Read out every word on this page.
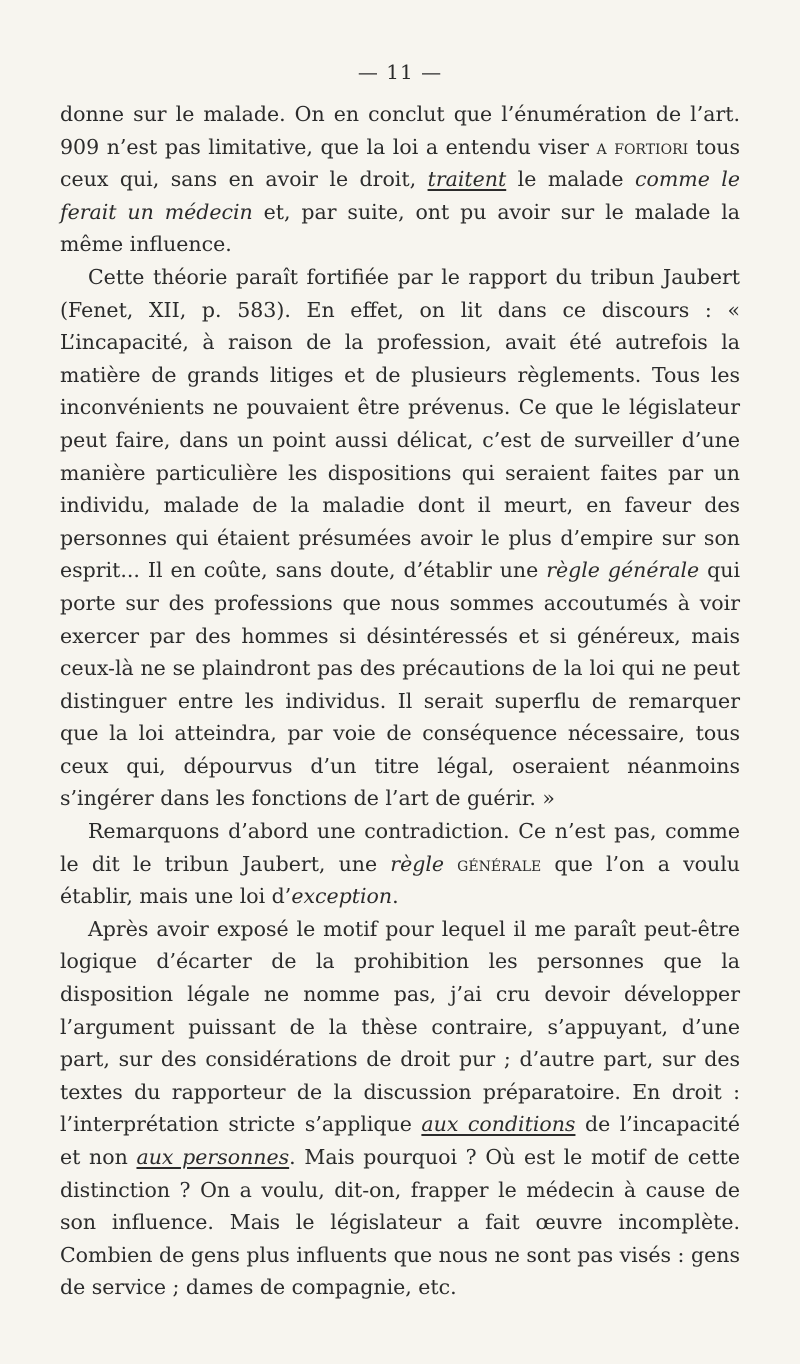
— 11 —

donne sur le malade. On en conclut que l’énumération de l’art. 909 n’est pas limitative, que la loi a entendu viser a fortiori tous ceux qui, sans en avoir le droit, traitent le malade comme le ferait un médecin et, par suite, ont pu avoir sur le malade la même influence.

Cette théorie paraît fortifiée par le rapport du tribun Jaubert (Fenet, XII, p. 583). En effet, on lit dans ce discours : « L’incapacité, à raison de la profession, avait été autrefois la matière de grands litiges et de plusieurs règlements. Tous les inconvénients ne pouvaient être prévenus. Ce que le législateur peut faire, dans un point aussi délicat, c’est de surveiller d’une manière particulière les dispositions qui seraient faites par un individu, malade de la maladie dont il meurt, en faveur des personnes qui étaient présumées avoir le plus d’empire sur son esprit... Il en coûte, sans doute, d’établir une règle générale qui porte sur des professions que nous sommes accoutumés à voir exercer par des hommes si désintéressés et si généreux, mais ceux-là ne se plaindront pas des précautions de la loi qui ne peut distinguer entre les individus. Il serait superflu de remarquer que la loi atteindra, par voie de conséquence nécessaire, tous ceux qui, dépourvus d’un titre légal, oseraient néanmoins s’ingérer dans les fonctions de l’art de guérir. »

Remarquons d’abord une contradiction. Ce n’est pas, comme le dit le tribun Jaubert, une règle générale que l’on a voulu établir, mais une loi d’exception.

Après avoir exposé le motif pour lequel il me paraît peut-être logique d’écarter de la prohibition les personnes que la disposition légale ne nomme pas, j’ai cru devoir développer l’argument puissant de la thèse contraire, s’appuyant, d’une part, sur des considérations de droit pur ; d’autre part, sur des textes du rapporteur de la discussion préparatoire. En droit : l’interprétation stricte s’applique aux conditions de l’incapacité et non aux personnes. Mais pourquoi ? Où est le motif de cette distinction ? On a voulu, dit-on, frapper le médecin à cause de son influence. Mais le législateur a fait œuvre incomplète. Combien de gens plus influents que nous ne sont pas visés : gens de service ; dames de compagnie, etc.
